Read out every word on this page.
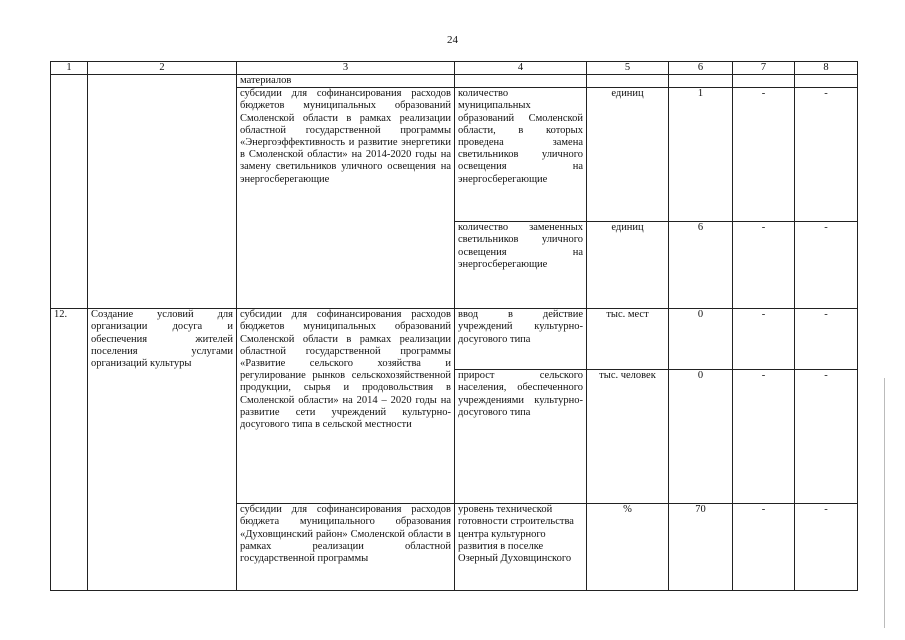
24
1	2	3	4	5	6	7	8
		материалов					
		субсидии для софинансирования расходов бюджетов муниципальных образований Смоленской области в рамках реализации областной государственной программы «Энергоэффективность и развитие энергетики в Смоленской области» на 2014-2020 годы на замену светильников уличного освещения на энергосберегающие	количество муниципальных образований Смоленской области, в которых проведена замена светильников уличного освещения на энергосберегающие	единиц	1	-	-
			количество замененных светильников уличного освещения на энергосберегающие	единиц	6	-	-
12.	Создание условий для организации досуга и обеспечения жителей поселения услугами организаций культуры	субсидии для софинансирования расходов бюджетов муниципальных образований Смоленской области в рамках реализации областной государственной программы «Развитие сельского хозяйства и регулирование рынков сельскохозяйственной продукции, сырья и продовольствия в Смоленской области» на 2014 – 2020 годы на развитие сети учреждений культурно-досугового типа в сельской местности	ввод в действие учреждений культурно-досугового типа	тыс. мест	0	-	-
			прирост сельского населения, обеспеченного учреждениями культурно-досугового типа	тыс. человек	0	-	-
		субсидии для софинансирования расходов бюджета муниципального образования «Духовщинский район» Смоленской области в рамках реализации областной государственной программы	уровень технической готовности строительства центра культурного развития в поселке Озерный Духовщинского	%	70	-	-
